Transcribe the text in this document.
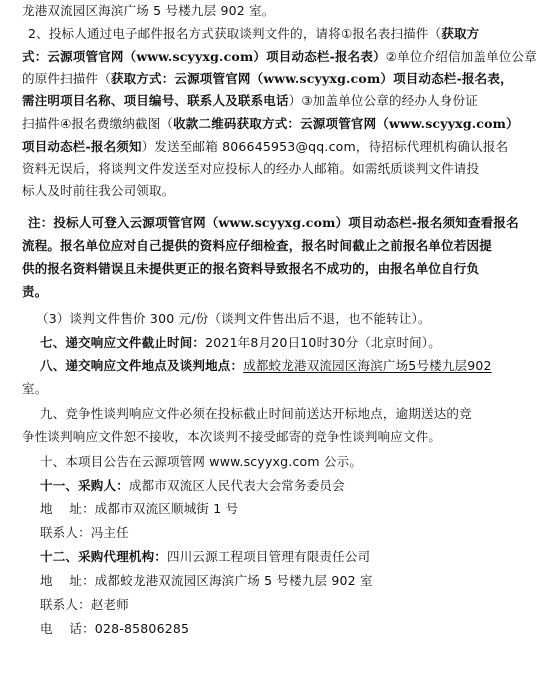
龙港双流园区海滨广场 5 号楼九层 902 室。
2、投标人通过电子邮件报名方式获取谈判文件的，请将①报名表扫描件（获取方
式：云源项管官网（www.scyyxg.com）项目动态栏-报名表）②单位介绍信加盖单位公章
的原件扫描件（获取方式：云源项管官网（www.scyyxg.com）项目动态栏-报名表，
需注明项目名称、项目编号、联系人及联系电话）③加盖单位公章的经办人身份证
扫描件④报名费缴纳截图（收款二维码获取方式：云源项管官网（www.scyyxg.com）
项目动态栏-报名须知）发送至邮箱 806645953@qq.com，待招标代理机构确认报名
资料无误后，将谈判文件发送至对应投标人的经办人邮箱。如需纸质谈判文件请投
标人及时前往我公司领取。
注：投标人可登入云源项管官网（www.scyyxg.com）项目动态栏-报名须知查看报名
流程。报名单位应对自己提供的资料应仔细检查，报名时间截止之前报名单位若因提
供的报名资料错误且未提供更正的报名资料导致报名不成功的，由报名单位自行负
责。
（3）谈判文件售价 300 元/份（谈判文件售出后不退，也不能转让）。
七、递交响应文件截止时间：2021年8月20日10时30分（北京时间）。
八、递交响应文件地点及谈判地点：成都蛟龙港双流园区海滨广场5号楼九层902
室。
九、竞争性谈判响应文件必须在投标截止时间前送达开标地点，逾期送达的竞
争性谈判响应文件恕不接收，本次谈判不接受邮寄的竞争性谈判响应文件。
十、本项目公告在云源项管网 www.scyyxg.com 公示。
十一、采购人：成都市双流区人民代表大会常务委员会
地    址：成都市双流区顺城街 1 号
联系人：冯主任
十二、采购代理机构：四川云源工程项目管理有限责任公司
地    址：成都蛟龙港双流园区海滨广场 5 号楼九层 902 室
联系人：赵老师
电    话：028-85806285
